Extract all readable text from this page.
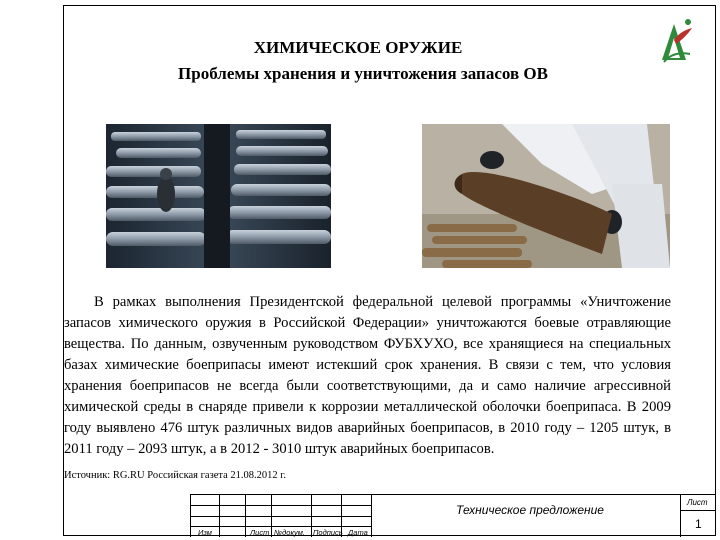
ХИМИЧЕСКОЕ ОРУЖИЕ
Проблемы хранения и уничтожения запасов ОВ

В рамках выполнения Президентской федеральной целевой программы «Уничтожение запасов химического оружия в Российской Федерации» уничтожаются боевые отравляющие вещества. По данным, озвученным руководством ФУБХУХО, все хранящиеся на специальных базах химические боеприпасы имеют истекший срок хранения. В связи с тем, что условия хранения боеприпасов не всегда были соответствующими, да и само наличие агрессивной химической среды в снаряде привели к коррозии металлической оболочки боеприпаса. В 2009 году выявлено 476 штук различных видов аварийных боеприпасов, в 2010 году – 1205 штук, в 2011 году – 2093 штук, а в 2012 - 3010 штук аварийных боеприпасов.

Источник: RG.RU Российская газета 21.08.2012 г.
Изм	Лист №докум. Подпись Дата
Техническое предложение
Лист
1
